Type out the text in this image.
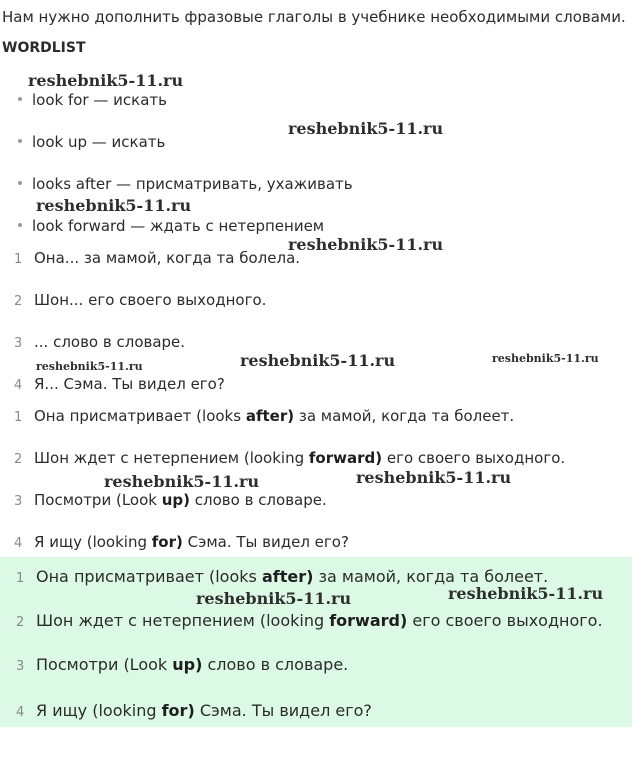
Нам нужно дополнить фразовые глаголы в учебнике необходимыми словами.
WORDLIST
look for — искать
look up — искать
looks after — присматривать, ухаживать
look forward — ждать с нетерпением
1 Она... за мамой, когда та болела.
2 Шон... его своего выходного.
3 ... слово в словаре.
4 Я... Сэма. Ты видел его?
1 Она присматривает (looks after) за мамой, когда та болеет.
2 Шон ждет с нетерпением (looking forward) его своего выходного.
3 Посмотри (Look up) слово в словаре.
4 Я ищу (looking for) Сэма. Ты видел его?
1 Она присматривает (looks after) за мамой, когда та болеет.
2 Шон ждет с нетерпением (looking forward) его своего выходного.
3 Посмотри (Look up) слово в словаре.
4 Я ищу (looking for) Сэма. Ты видел его?
reshebnik5-11.ru
reshebnik5-11.ru
reshebnik5-11.ru
reshebnik5-11.ru
reshebnik5-11.ru	reshebnik5-11.ru	reshebnik5-11.ru
reshebnik5-11.ru	reshebnik5-11.ru
reshebnik5-11.ru	reshebnik5-11.ru
